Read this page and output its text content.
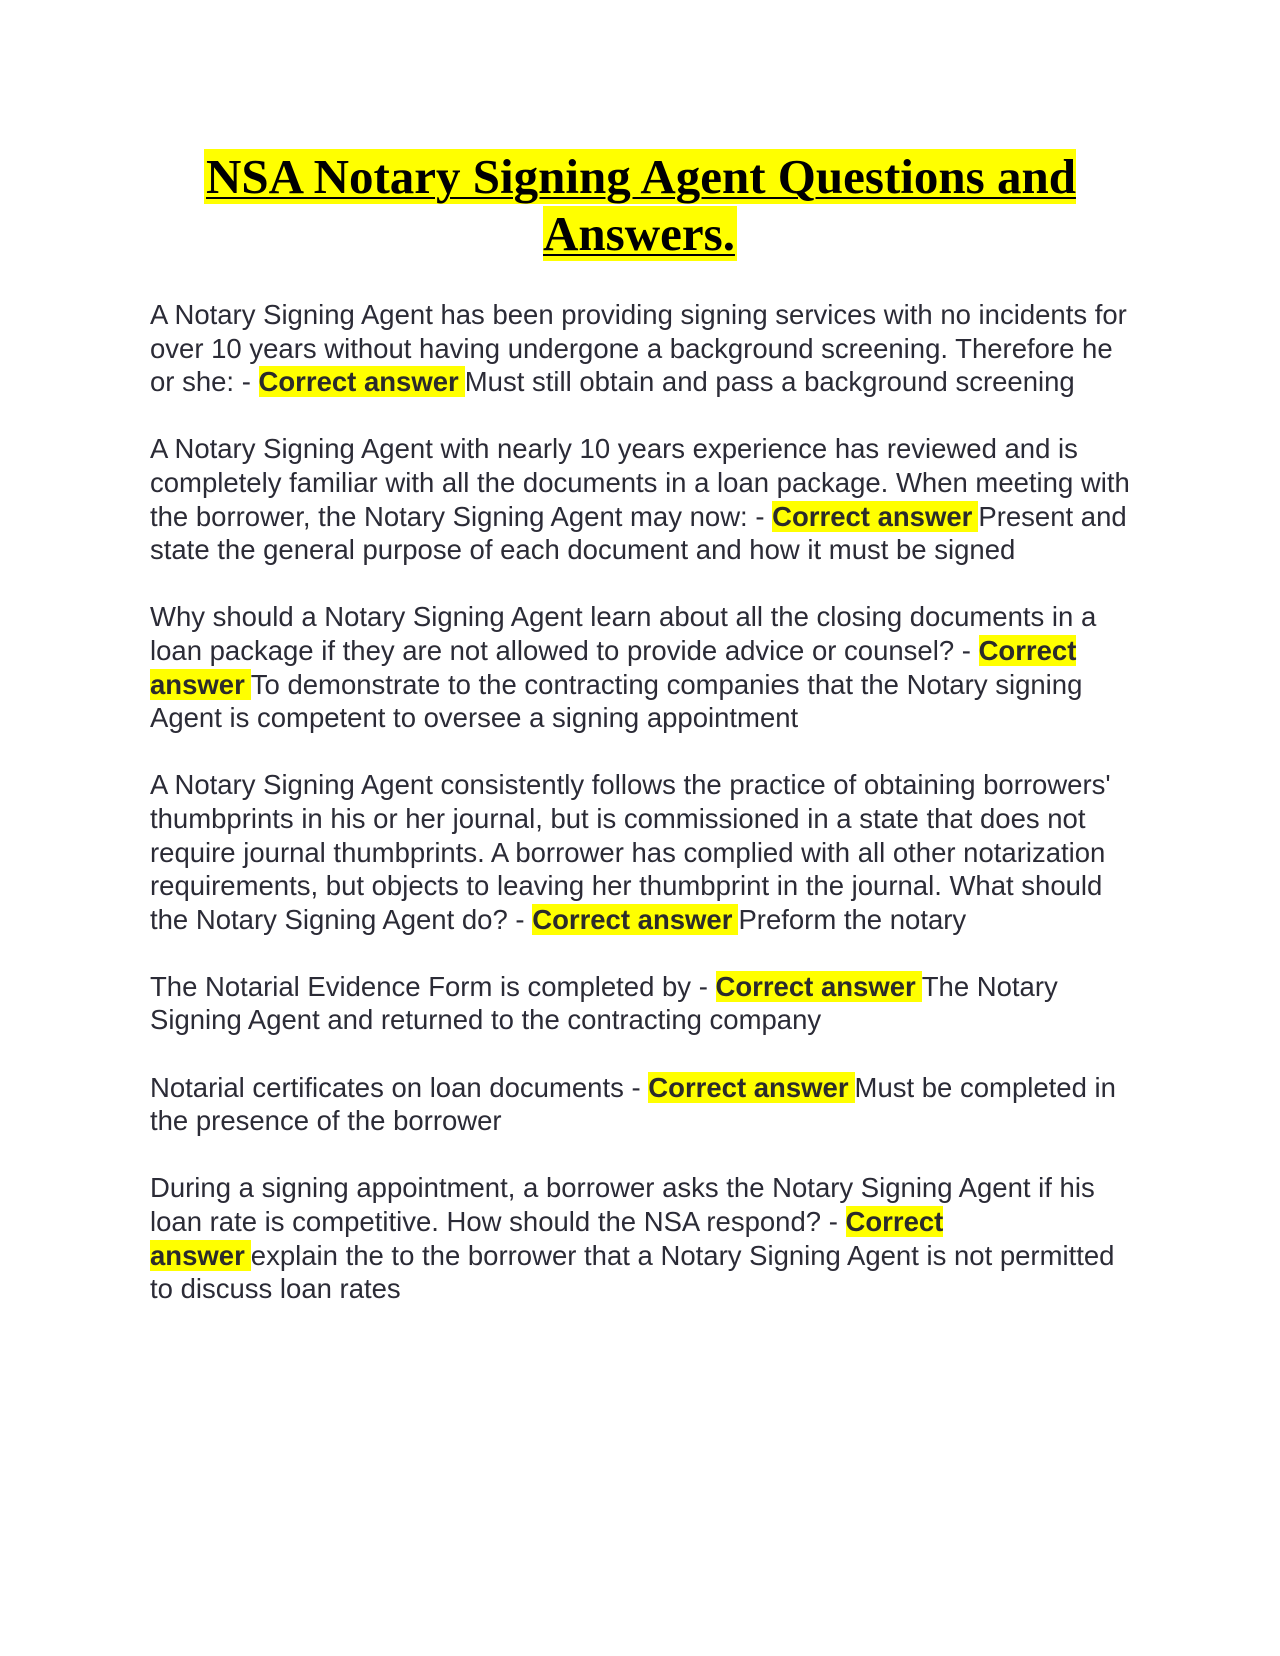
NSA Notary Signing Agent Questions and Answers.

A Notary Signing Agent has been providing signing services with no incidents for over 10 years without having undergone a background screening. Therefore he or she: - Correct answer Must still obtain and pass a background screening

A Notary Signing Agent with nearly 10 years experience has reviewed and is completely familiar with all the documents in a loan package. When meeting with the borrower, the Notary Signing Agent may now: - Correct answer Present and state the general purpose of each document and how it must be signed

Why should a Notary Signing Agent learn about all the closing documents in a loan package if they are not allowed to provide advice or counsel? - Correct answer To demonstrate to the contracting companies that the Notary signing Agent is competent to oversee a signing appointment

A Notary Signing Agent consistently follows the practice of obtaining borrowers' thumbprints in his or her journal, but is commissioned in a state that does not require journal thumbprints. A borrower has complied with all other notarization requirements, but objects to leaving her thumbprint in the journal. What should the Notary Signing Agent do? - Correct answer Preform the notary

The Notarial Evidence Form is completed by - Correct answer The Notary Signing Agent and returned to the contracting company

Notarial certificates on loan documents - Correct answer Must be completed in the presence of the borrower

During a signing appointment, a borrower asks the Notary Signing Agent if his loan rate is competitive. How should the NSA respond? - Correct answer explain the to the borrower that a Notary Signing Agent is not permitted to discuss loan rates
